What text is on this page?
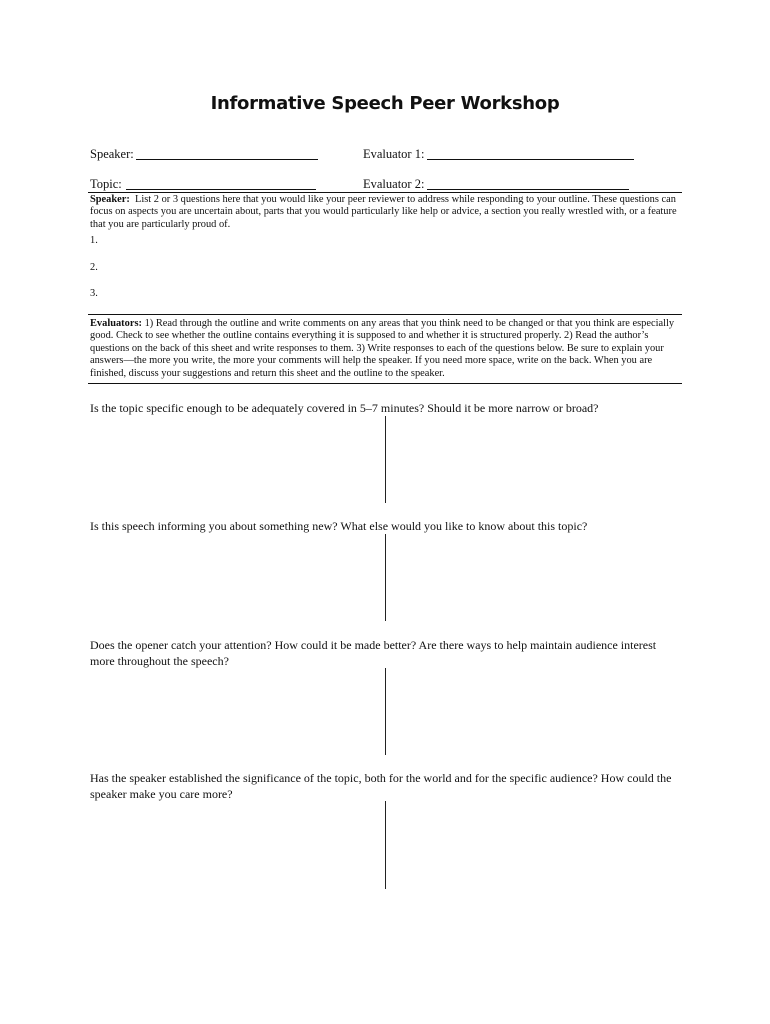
Informative Speech Peer Workshop
Speaker:	Evaluator 1:
Topic:	Evaluator 2:
Speaker: List 2 or 3 questions here that you would like your peer reviewer to address while responding to your outline. These questions can focus on aspects you are uncertain about, parts that you would particularly like help or advice, a section you really wrestled with, or a feature that you are particularly proud of.
1.
2.
3.
Evaluators: 1) Read through the outline and write comments on any areas that you think need to be changed or that you think are especially good. Check to see whether the outline contains everything it is supposed to and whether it is structured properly. 2) Read the author’s questions on the back of this sheet and write responses to them. 3) Write responses to each of the questions below. Be sure to explain your answers—the more you write, the more your comments will help the speaker. If you need more space, write on the back. When you are finished, discuss your suggestions and return this sheet and the outline to the speaker.
Is the topic specific enough to be adequately covered in 5–7 minutes? Should it be more narrow or broad?
Is this speech informing you about something new? What else would you like to know about this topic?
Does the opener catch your attention? How could it be made better? Are there ways to help maintain audience interest more throughout the speech?
Has the speaker established the significance of the topic, both for the world and for the specific audience? How could the speaker make you care more?
